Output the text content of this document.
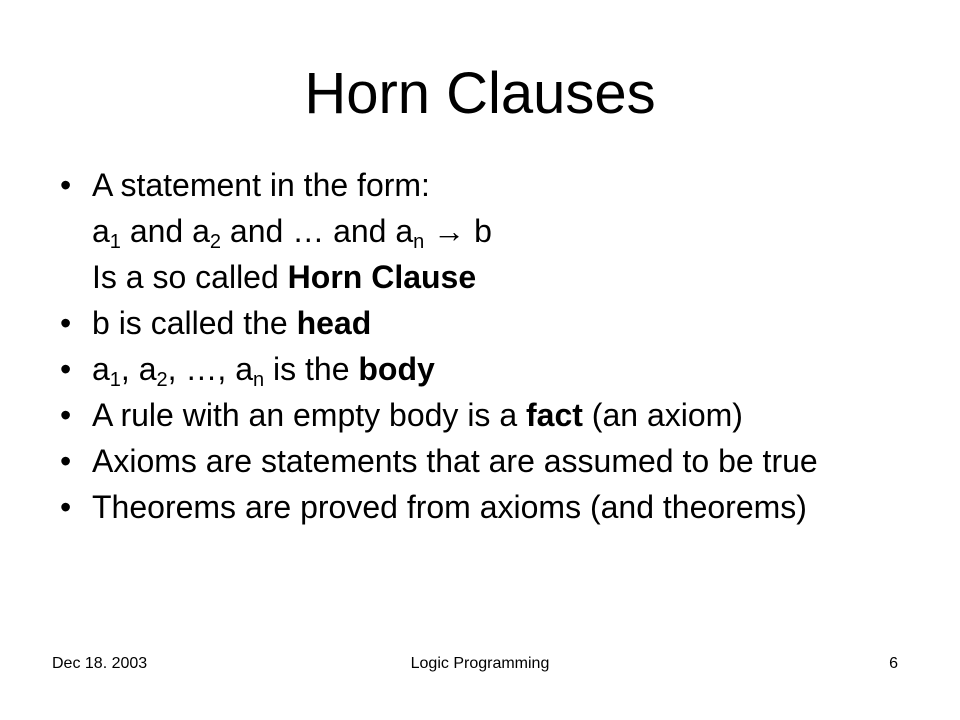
Horn Clauses
• A statement in the form:
$a_1$ and $a_2$ and … and $a_n \to b$
Is a so called Horn Clause
• b is called the head
• $a_1$, $a_2$, …, $a_n$ is the body
• A rule with an empty body is a fact (an axiom)
• Axioms are statements that are assumed to be true
• Theorems are proved from axioms (and theorems)
Dec 18. 2003	Logic Programming	6
